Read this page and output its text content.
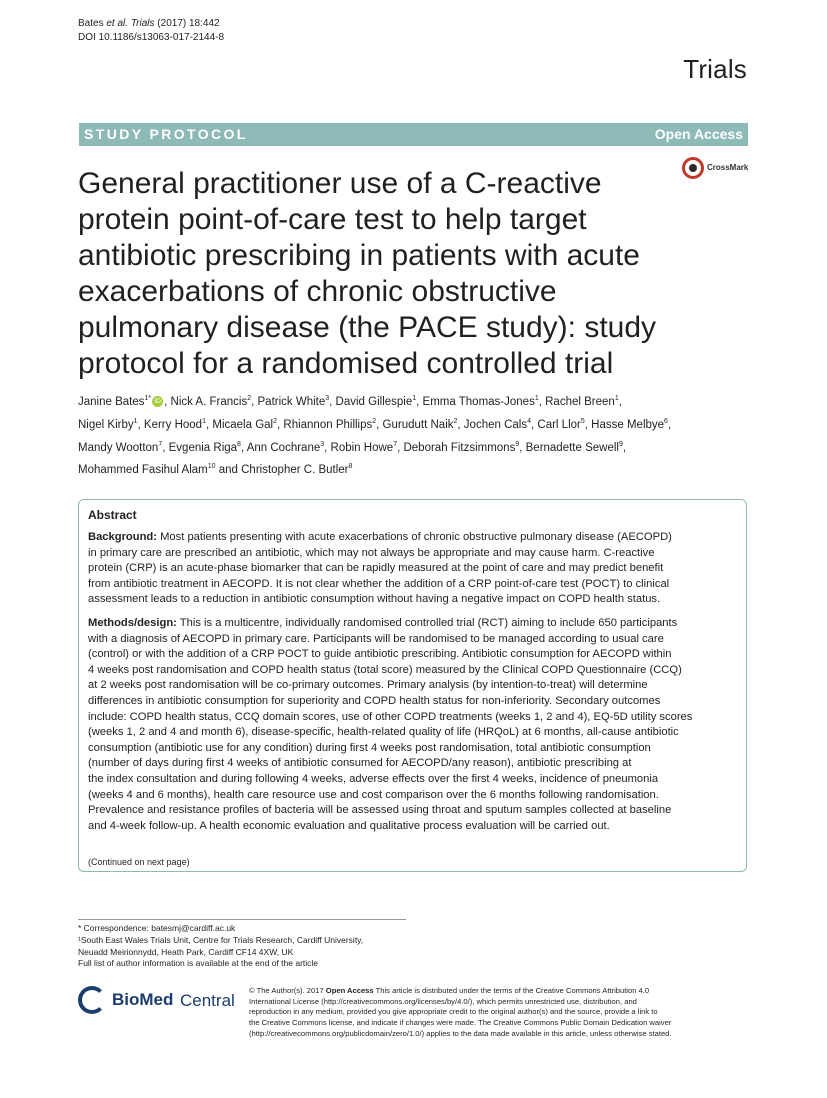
Bates et al. Trials (2017) 18:442
DOI 10.1186/s13063-017-2144-8
Trials
STUDY PROTOCOL	Open Access
CrossMark
General practitioner use of a C-reactive
protein point-of-care test to help target
antibiotic prescribing in patients with acute
exacerbations of chronic obstructive
pulmonary disease (the PACE study): study
protocol for a randomised controlled trial
Janine Bates$^{1*}$ iD , Nick A. Francis$^2$, Patrick White$^3$, David Gillespie$^1$, Emma Thomas-Jones$^1$, Rachel Breen$^1$,
Nigel Kirby$^1$, Kerry Hood$^1$, Micaela Gal$^2$, Rhiannon Phillips$^2$, Gurudutt Naik$^2$, Jochen Cals$^4$, Carl Llor$^5$, Hasse Melbye$^6$,
Mandy Wootton$^7$, Evgenia Riga$^8$, Ann Cochrane$^3$, Robin Howe$^7$, Deborah Fitzsimmons$^9$, Bernadette Sewell$^9$,
Mohammed Fasihul Alam$^{10}$ and Christopher C. Butler$^8$
Abstract
Background: Most patients presenting with acute exacerbations of chronic obstructive pulmonary disease (AECOPD)
in primary care are prescribed an antibiotic, which may not always be appropriate and may cause harm. C-reactive
protein (CRP) is an acute-phase biomarker that can be rapidly measured at the point of care and may predict benefit
from antibiotic treatment in AECOPD. It is not clear whether the addition of a CRP point-of-care test (POCT) to clinical
assessment leads to a reduction in antibiotic consumption without having a negative impact on COPD health status.
Methods/design: This is a multicentre, individually randomised controlled trial (RCT) aiming to include 650 participants
with a diagnosis of AECOPD in primary care. Participants will be randomised to be managed according to usual care
(control) or with the addition of a CRP POCT to guide antibiotic prescribing. Antibiotic consumption for AECOPD within
4 weeks post randomisation and COPD health status (total score) measured by the Clinical COPD Questionnaire (CCQ)
at 2 weeks post randomisation will be co-primary outcomes. Primary analysis (by intention-to-treat) will determine
differences in antibiotic consumption for superiority and COPD health status for non-inferiority. Secondary outcomes
include: COPD health status, CCQ domain scores, use of other COPD treatments (weeks 1, 2 and 4), EQ-5D utility scores
(weeks 1, 2 and 4 and month 6), disease-specific, health-related quality of life (HRQoL) at 6 months, all-cause antibiotic
consumption (antibiotic use for any condition) during first 4 weeks post randomisation, total antibiotic consumption
(number of days during first 4 weeks of antibiotic consumed for AECOPD/any reason), antibiotic prescribing at
the index consultation and during following 4 weeks, adverse effects over the first 4 weeks, incidence of pneumonia
(weeks 4 and 6 months), health care resource use and cost comparison over the 6 months following randomisation.
Prevalence and resistance profiles of bacteria will be assessed using throat and sputum samples collected at baseline
and 4-week follow-up. A health economic evaluation and qualitative process evaluation will be carried out.
(Continued on next page)
* Correspondence: batesmj@cardiff.ac.uk
¹South East Wales Trials Unit, Centre for Trials Research, Cardiff University,
Neuadd Meirionnydd, Heath Park, Cardiff CF14 4XW, UK
Full list of author information is available at the end of the article
BioMed Central
© The Author(s). 2017 Open Access This article is distributed under the terms of the Creative Commons Attribution 4.0
International License (http://creativecommons.org/licenses/by/4.0/), which permits unrestricted use, distribution, and
reproduction in any medium, provided you give appropriate credit to the original author(s) and the source, provide a link to
the Creative Commons license, and indicate if changes were made. The Creative Commons Public Domain Dedication waiver
(http://creativecommons.org/publicdomain/zero/1.0/) applies to the data made available in this article, unless otherwise stated.
